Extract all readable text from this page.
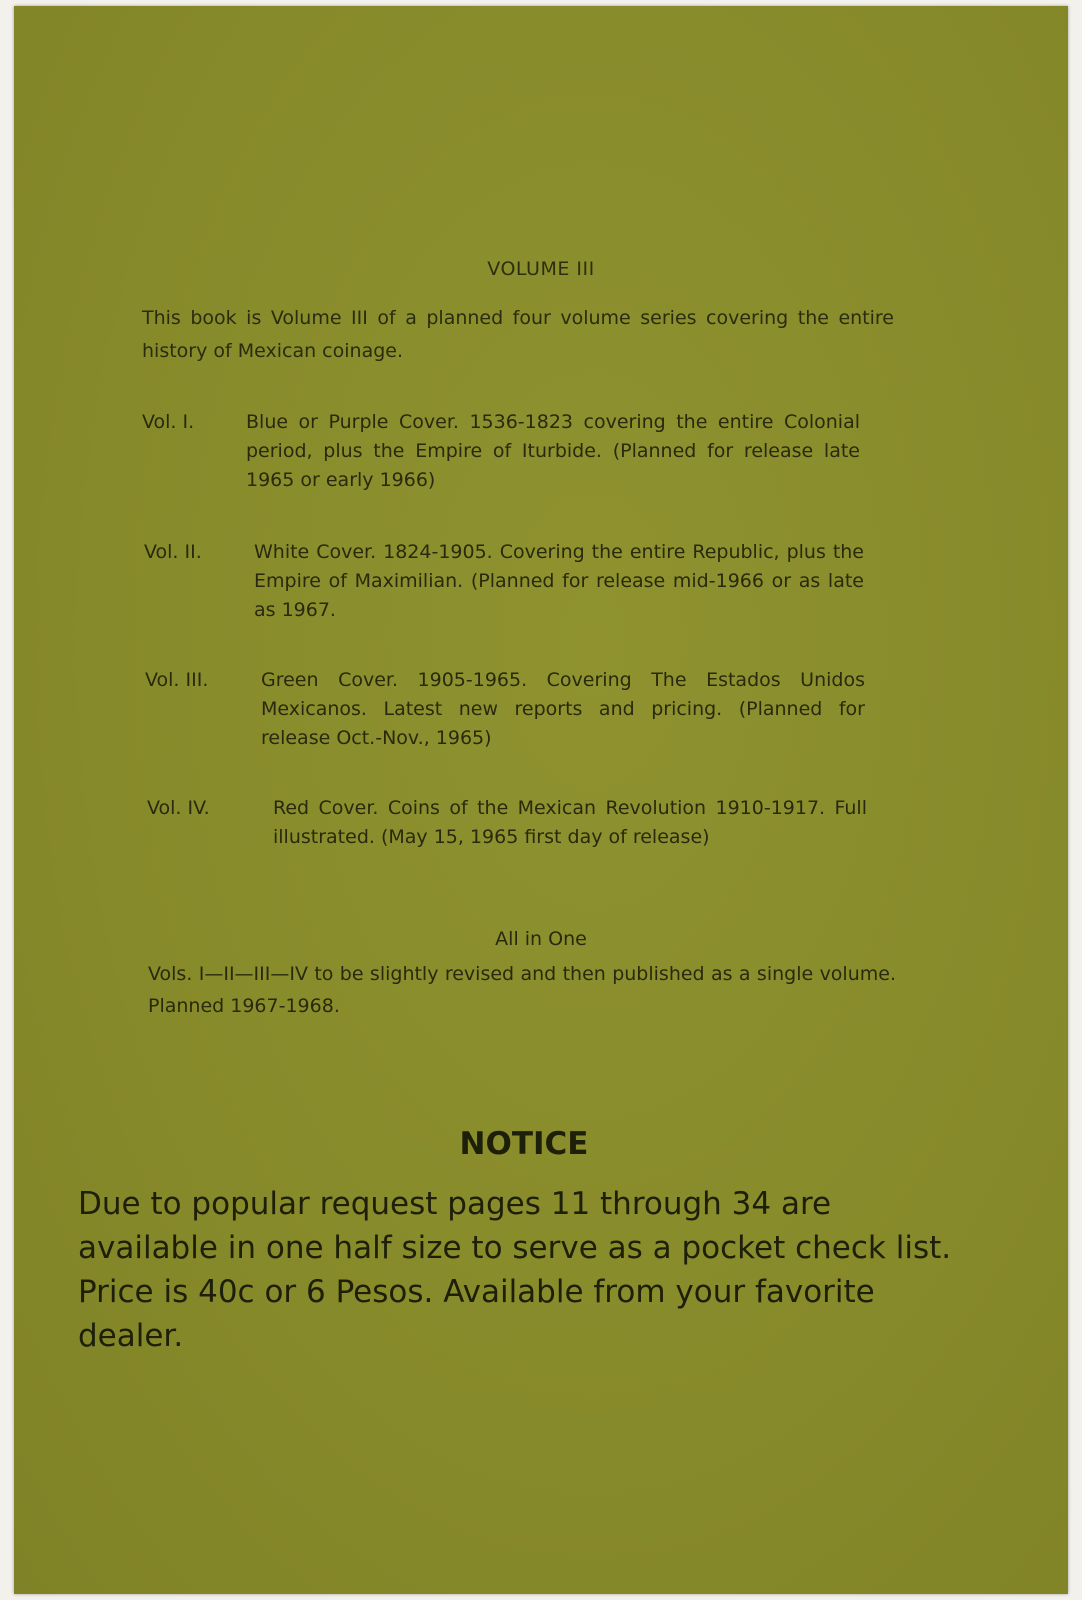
VOLUME III
This book is Volume III of a planned four volume series covering the entire history of Mexican coinage.
Vol. I.	Blue or Purple Cover. 1536-1823 covering the entire Colonial period, plus the Empire of Iturbide. (Planned for release late 1965 or early 1966)
Vol. II.	White Cover. 1824-1905. Covering the entire Republic, plus the Empire of Maximilian. (Planned for release mid-1966 or as late as 1967.
Vol. III.	Green Cover. 1905-1965. Covering The Estados Unidos Mexicanos. Latest new reports and pricing. (Planned for release Oct.-Nov., 1965)
Vol. IV.	Red Cover. Coins of the Mexican Revolution 1910-1917. Full illustrated. (May 15, 1965 first day of release)
All in One
Vols. I—II—III—IV to be slightly revised and then published as a single volume. Planned 1967-1968.
NOTICE
Due to popular request pages 11 through 34 are available in one half size to serve as a pocket check list. Price is 40c or 6 Pesos. Available from your favorite dealer.
